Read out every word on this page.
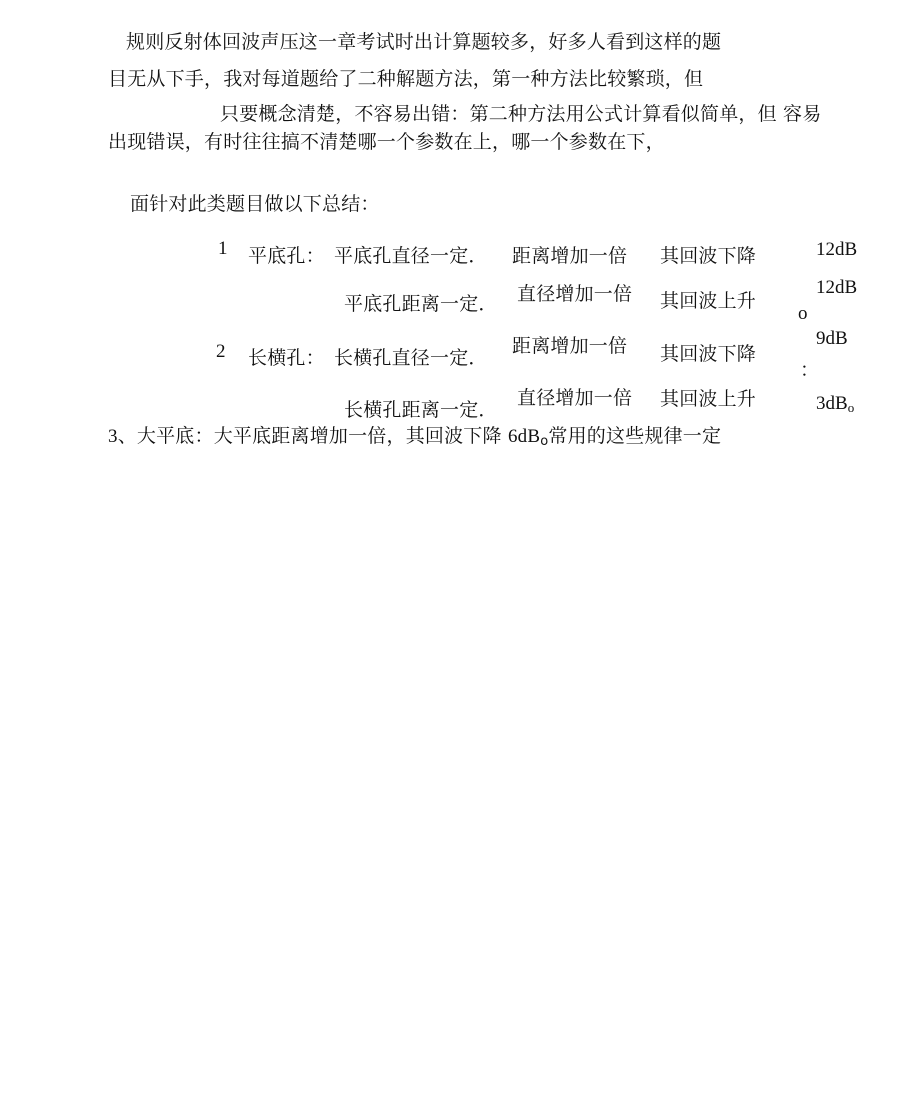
规则反射体回波声压这一章考试时出计算题较多，好多人看到这样的题
目无从下手，我对每道题给了二种解题方法，第一种方法比较繁琐，但
只要概念清楚，不容易出错：第二种方法用公式计算看似简单，但 容易
出现错误，有时往往搞不清楚哪一个参数在上，哪一个参数在下，
面针对此类题目做以下总结：
1 平底孔： 平底孔直径一定． 距离增加一倍 其回波下降	12dB
平底孔距离一定． 直径增加一倍 其回波上升
12dB
o
2 长横孔： 长横孔直径一定．
距离增加一倍 其回波下降
9dB
：
长横孔距离一定．
直径增加一倍 其回波上升	$3dB_o$
3、大平底：大平底距离增加一倍，其回波下降 $6dB_o$常用的这些规律一定
